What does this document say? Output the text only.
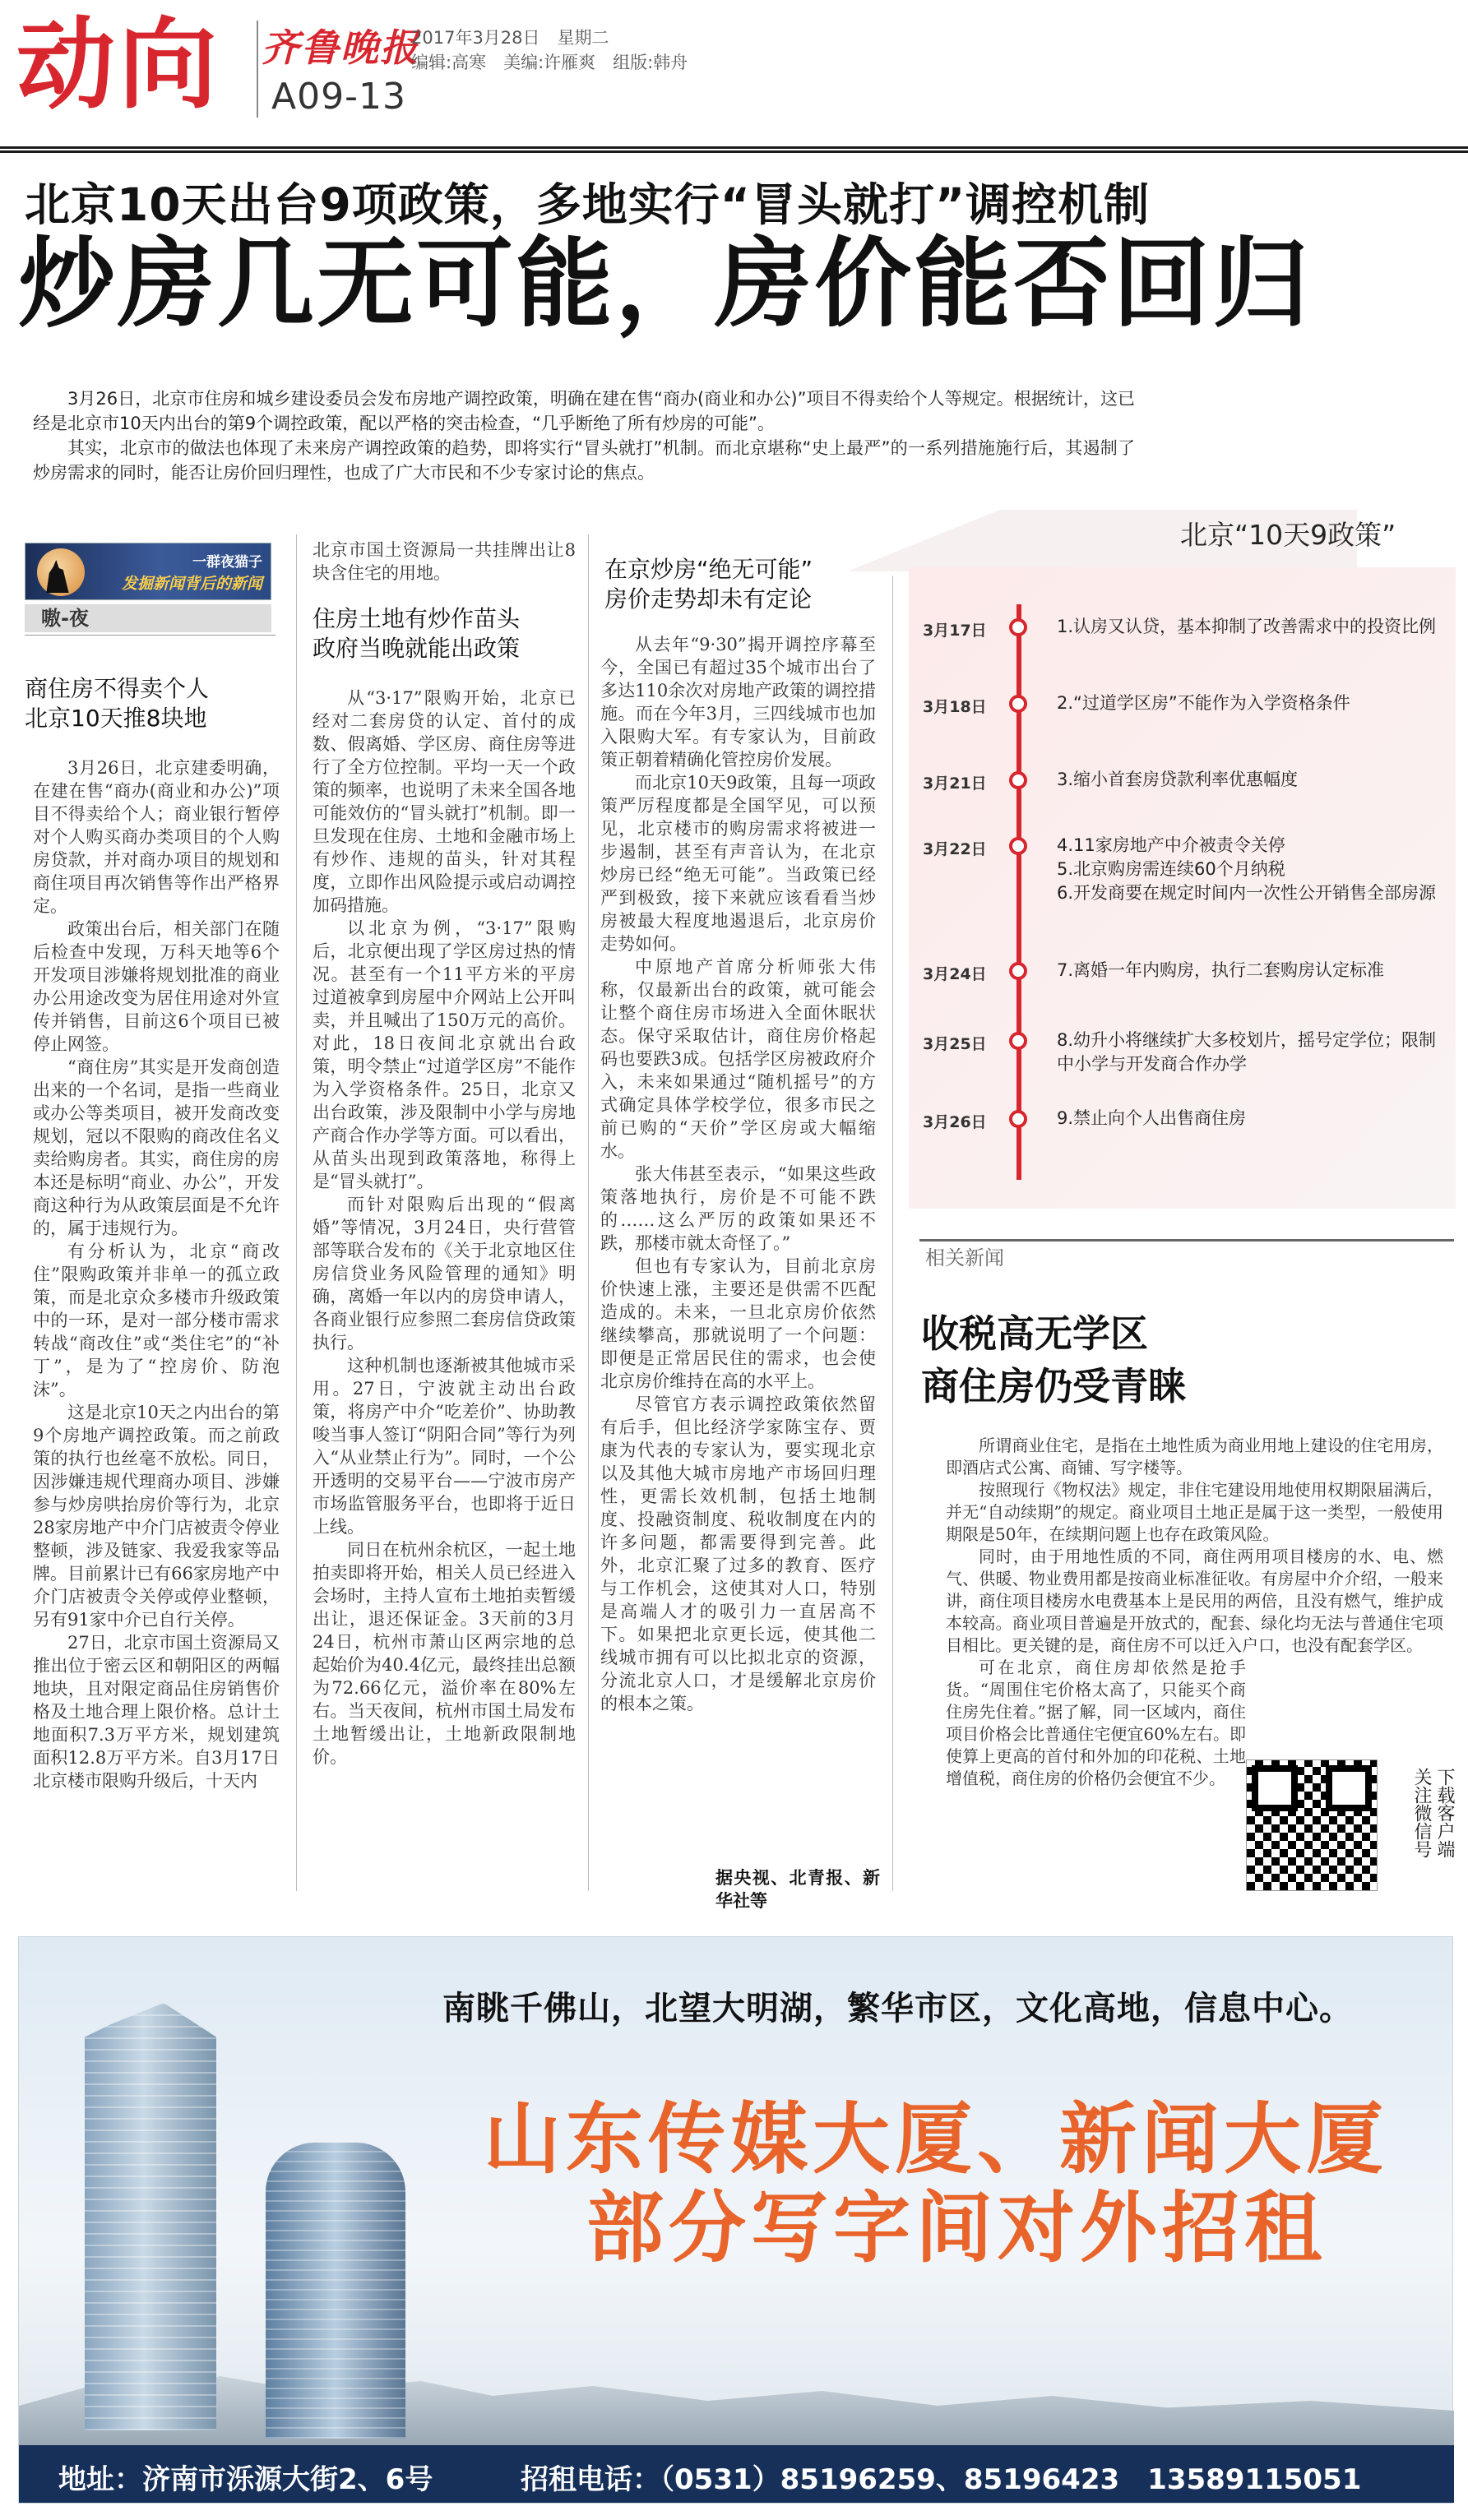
动向 齐鲁晚报
2017年3月28日　星期二
编辑:高寒　美编:许雁爽　组版:韩舟
A09-13
北京10天出台9项政策，多地实行“冒头就打”调控机制
炒房几无可能，房价能否回归

3月26日，北京市住房和城乡建设委员会发布房地产调控政策，明确在建在售“商办(商业和办公)”项目不得卖给个人等规定。根据统计，这已经是北京市10天内出台的第9个调控政策，配以严格的突击检查，“几乎断绝了所有炒房的可能”。

其实，北京市的做法也体现了未来房产调控政策的趋势，即将实行“冒头就打”机制。而北京堪称“史上最严”的一系列措施施行后，其遏制了炒房需求的同时，能否让房价回归理性，也成了广大市民和不少专家讨论的焦点。

一群夜猫子
发掘新闻背后的新闻
嗷-夜
商住房不得卖个人
北京10天推8块地

3月26日，北京建委明确，在建在售“商办(商业和办公)”项目不得卖给个人；商业银行暂停对个人购买商办类项目的个人购房贷款，并对商办项目的规划和商住项目再次销售等作出严格界定。

政策出台后，相关部门在随后检查中发现，万科天地等6个开发项目涉嫌将规划批准的商业办公用途改变为居住用途对外宣传并销售，目前这6个项目已被停止网签。

“商住房”其实是开发商创造出来的一个名词，是指一些商业或办公等类项目，被开发商改变规划，冠以不限购的商改住名义卖给购房者。其实，商住房的房本还是标明“商业、办公”，开发商这种行为从政策层面是不允许的，属于违规行为。

有分析认为，北京“商改住”限购政策并非单一的孤立政策，而是北京众多楼市升级政策中的一环，是对一部分楼市需求转战“商改住”或“类住宅”的“补丁”，是为了“控房价、防泡沫”。

这是北京10天之内出台的第9个房地产调控政策。而之前政策的执行也丝毫不放松。同日，因涉嫌违规代理商办项目、涉嫌参与炒房哄抬房价等行为，北京28家房地产中介门店被责令停业整顿，涉及链家、我爱我家等品牌。目前累计已有66家房地产中介门店被责令关停或停业整顿，另有91家中介已自行关停。

27日，北京市国土资源局又推出位于密云区和朝阳区的两幅地块，且对限定商品住房销售价格及土地合理上限价格。总计土地面积7.3万平方米，规划建筑面积12.8万平方米。自3月17日北京楼市限购升级后，十天内

北京市国土资源局一共挂牌出让8块含住宅的用地。

住房土地有炒作苗头
政府当晚就能出政策

从“3·17”限购开始，北京已经对二套房贷的认定、首付的成数、假离婚、学区房、商住房等进行了全方位控制。平均一天一个政策的频率，也说明了未来全国各地可能效仿的“冒头就打”机制。即一旦发现在住房、土地和金融市场上有炒作、违规的苗头，针对其程度，立即作出风险提示或启动调控加码措施。

以北京为例，“3·17”限购后，北京便出现了学区房过热的情况。甚至有一个11平方米的平房过道被拿到房屋中介网站上公开叫卖，并且喊出了150万元的高价。对此，18日夜间北京就出台政策，明令禁止“过道学区房”不能作为入学资格条件。25日，北京又出台政策，涉及限制中小学与房地产商合作办学等方面。可以看出，从苗头出现到政策落地，称得上是“冒头就打”。

而针对限购后出现的“假离婚”等情况，3月24日，央行营管部等联合发布的《关于北京地区住房信贷业务风险管理的通知》明确，离婚一年以内的房贷申请人，各商业银行应参照二套房信贷政策执行。

这种机制也逐渐被其他城市采用。27日，宁波就主动出台政策，将房产中介“吃差价”、协助教唆当事人签订“阴阳合同”等行为列入“从业禁止行为”。同时，一个公开透明的交易平台——宁波市房产市场监管服务平台，也即将于近日上线。

同日在杭州余杭区，一起土地拍卖即将开始，相关人员已经进入会场时，主持人宣布土地拍卖暂缓出让，退还保证金。3天前的3月24日，杭州市萧山区两宗地的总起始价为40.4亿元，最终挂出总额为72.66亿元，溢价率在80%左右。当天夜间，杭州市国土局发布土地暂缓出让，土地新政限制地价。

在京炒房“绝无可能”
房价走势却未有定论

从去年“9·30”揭开调控序幕至今，全国已有超过35个城市出台了多达110余次对房地产政策的调控措施。而在今年3月，三四线城市也加入限购大军。有专家认为，目前政策正朝着精确化管控房价发展。

而北京10天9政策，且每一项政策严厉程度都是全国罕见，可以预见，北京楼市的购房需求将被进一步遏制，甚至有声音认为，在北京炒房已经“绝无可能”。当政策已经严到极致，接下来就应该看看当炒房被最大程度地遏退后，北京房价走势如何。

中原地产首席分析师张大伟称，仅最新出台的政策，就可能会让整个商住房市场进入全面休眠状态。保守采取估计，商住房价格起码也要跌3成。包括学区房被政府介入，未来如果通过“随机摇号”的方式确定具体学校学位，很多市民之前已购的“天价”学区房或大幅缩水。

张大伟甚至表示，“如果这些政策落地执行，房价是不可能不跌的……这么严厉的政策如果还不跌，那楼市就太奇怪了。”

但也有专家认为，目前北京房价快速上涨，主要还是供需不匹配造成的。未来，一旦北京房价依然继续攀高，那就说明了一个问题：即便是正常居民住的需求，也会使北京房价维持在高的水平上。

尽管官方表示调控政策依然留有后手，但比经济学家陈宝存、贾康为代表的专家认为，要实现北京以及其他大城市房地产市场回归理性，更需长效机制，包括土地制度、投融资制度、税收制度在内的许多问题，都需要得到完善。此外，北京汇聚了过多的教育、医疗与工作机会，这使其对人口，特别是高端人才的吸引力一直居高不下。如果把北京更长远，使其他二线城市拥有可以比拟北京的资源，分流北京人口，才是缓解北京房价的根本之策。

据央视、北青报、新华社等
北京“10天9政策”
3月17日	1.认房又认贷，基本抑制了改善需求中的投资比例
3月18日	2.“过道学区房”不能作为入学资格条件
3月21日	3.缩小首套房贷款利率优惠幅度
3月22日	4.11家房地产中介被责令关停
5.北京购房需连续60个月纳税
6.开发商要在规定时间内一次性公开销售全部房源
3月24日	7.离婚一年内购房，执行二套购房认定标准
3月25日	8.幼升小将继续扩大多校划片，摇号定学位；限制中小学与开发商合作办学
3月26日	9.禁止向个人出售商住房
相关新闻
收税高无学区
商住房仍受青睐

所谓商业住宅，是指在土地性质为商业用地上建设的住宅用房，即酒店式公寓、商铺、写字楼等。

按照现行《物权法》规定，非住宅建设用地使用权期限届满后，并无“自动续期”的规定。商业项目土地正是属于这一类型，一般使用期限是50年，在续期问题上也存在政策风险。

同时，由于用地性质的不同，商住两用项目楼房的水、电、燃气、供暖、物业费用都是按商业标准征收。有房屋中介介绍，一般来讲，商住项目楼房水电费基本上是民用的两倍，且没有燃气，维护成本较高。商业项目普遍是开放式的，配套、绿化均无法与普通住宅项目相比。更关键的是，商住房不可以迁入户口，也没有配套学区。

可在北京，商住房却依然是抢手货。“周围住宅价格太高了，只能买个商住房先住着。”据了解，同一区域内，商住项目价格会比普通住宅便宜60%左右。即使算上更高的首付和外加的印花税、土地增值税，商住房的价格仍会便宜不少。	下载客户端
关注微信号
南眺千佛山，北望大明湖，繁华市区，文化高地，信息中心。
山东传媒大厦、新闻大厦
部分写字间对外招租
地址：济南市泺源大街2、6号	招租电话：（0531）85196259、85196423　13589115051
